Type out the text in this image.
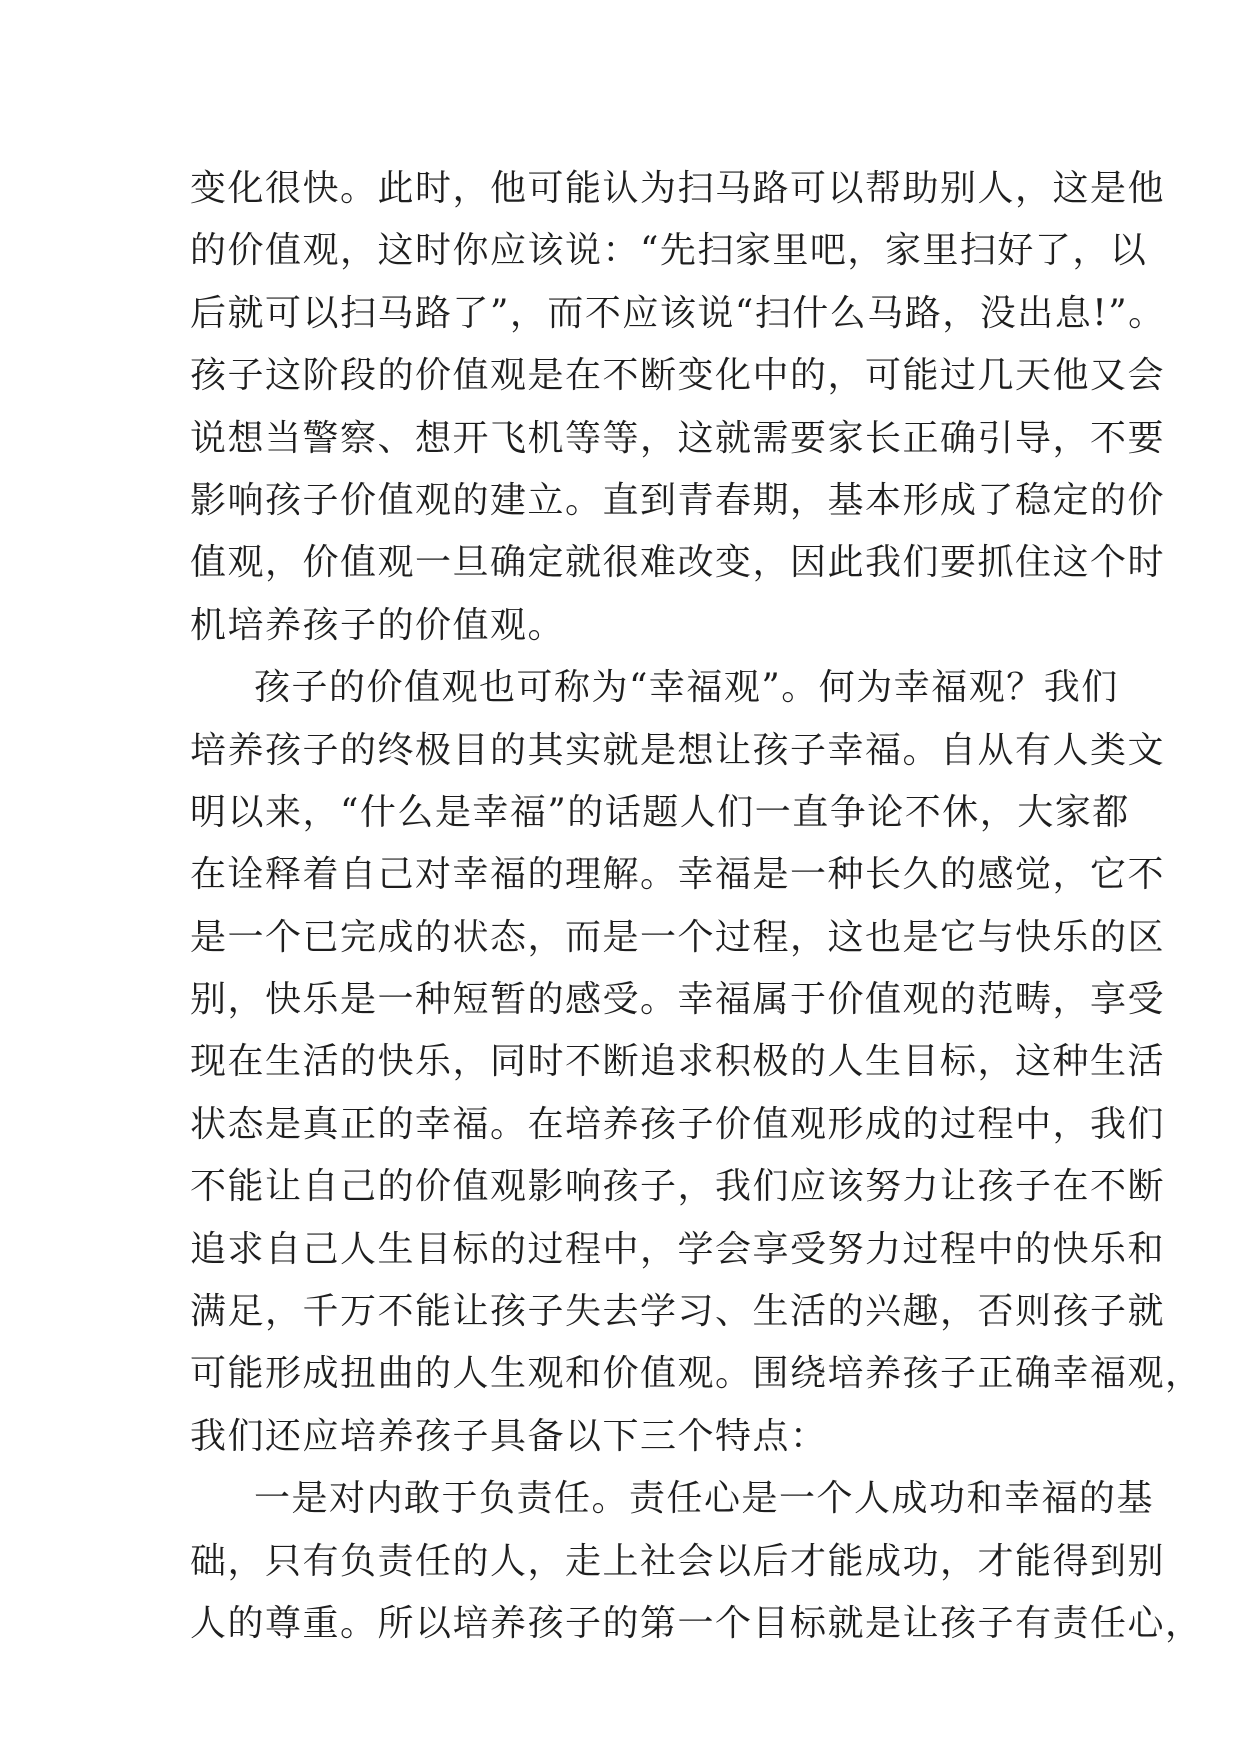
变化很快。此时，他可能认为扫马路可以帮助别人，这是他
的价值观，这时你应该说：“先扫家里吧，家里扫好了，以
后就可以扫马路了”，而不应该说“扫什么马路，没出息!”。
孩子这阶段的价值观是在不断变化中的，可能过几天他又会
说想当警察、想开飞机等等，这就需要家长正确引导，不要
影响孩子价值观的建立。直到青春期，基本形成了稳定的价
值观，价值观一旦确定就很难改变，因此我们要抓住这个时
机培养孩子的价值观。
孩子的价值观也可称为“幸福观”。何为幸福观？我们
培养孩子的终极目的其实就是想让孩子幸福。自从有人类文
明以来，“什么是幸福”的话题人们一直争论不休，大家都
在诠释着自己对幸福的理解。幸福是一种长久的感觉，它不
是一个已完成的状态，而是一个过程，这也是它与快乐的区
别，快乐是一种短暂的感受。幸福属于价值观的范畴，享受
现在生活的快乐，同时不断追求积极的人生目标，这种生活
状态是真正的幸福。在培养孩子价值观形成的过程中，我们
不能让自己的价值观影响孩子，我们应该努力让孩子在不断
追求自己人生目标的过程中，学会享受努力过程中的快乐和
满足，千万不能让孩子失去学习、生活的兴趣，否则孩子就
可能形成扭曲的人生观和价值观。围绕培养孩子正确幸福观，
我们还应培养孩子具备以下三个特点：
一是对内敢于负责任。责任心是一个人成功和幸福的基
础，只有负责任的人，走上社会以后才能成功，才能得到别
人的尊重。所以培养孩子的第一个目标就是让孩子有责任心，
